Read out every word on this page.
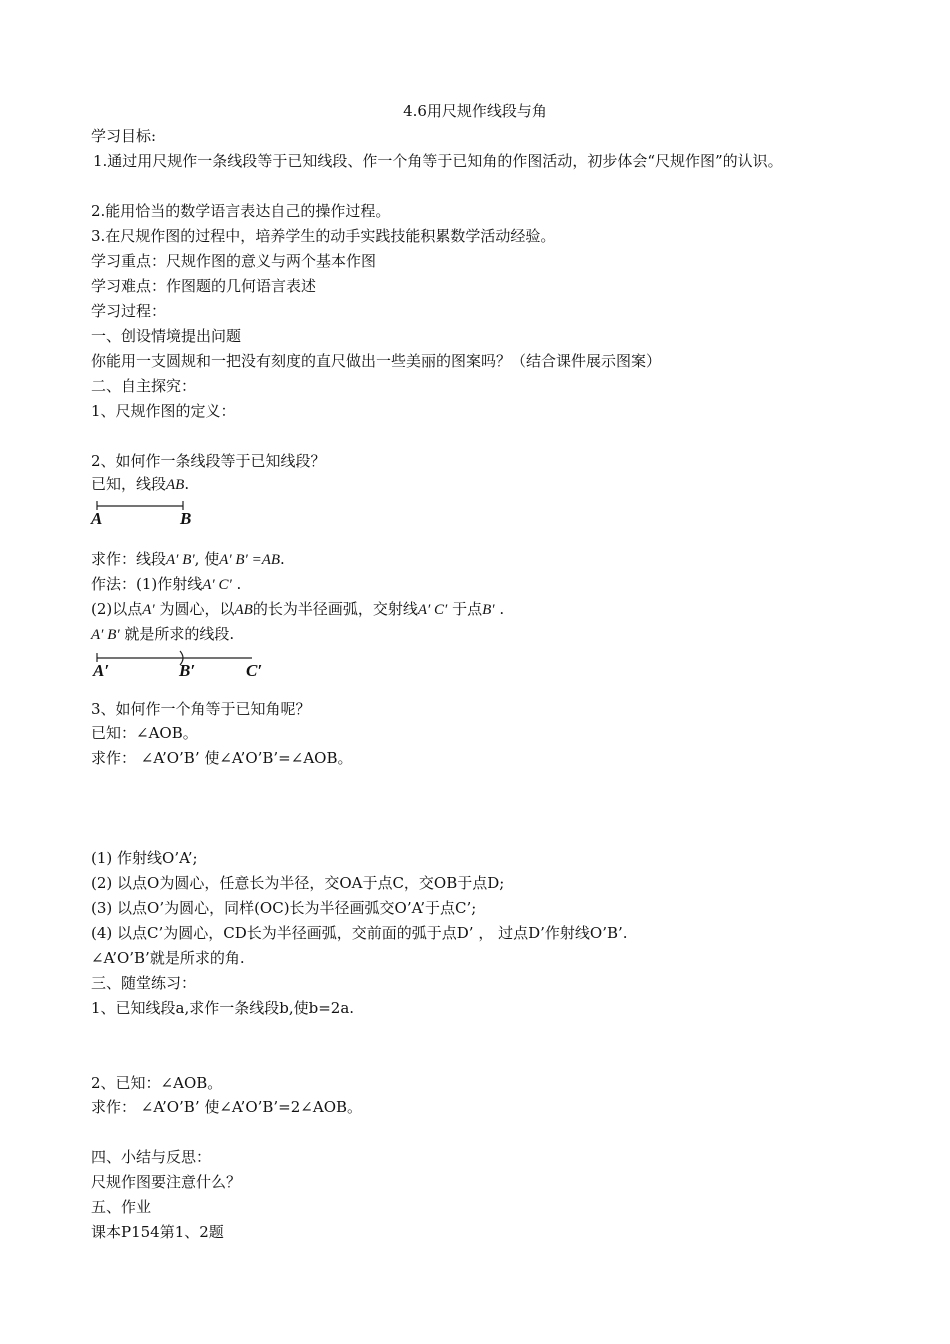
4.6用尺规作线段与角
学习目标:
1.通过用尺规作一条线段等于已知线段、作一个角等于已知角的作图活动，初步体会“尺规作图”的认识。
2.能用恰当的数学语言表达自己的操作过程。
3.在尺规作图的过程中，培养学生的动手实践技能积累数学活动经验。
学习重点：尺规作图的意义与两个基本作图
学习难点：作图题的几何语言表述
学习过程：
一、创设情境提出问题
你能用一支圆规和一把没有刻度的直尺做出一些美丽的图案吗？（结合课件展示图案）
二、自主探究：
1、尺规作图的定义：
2、如何作一条线段等于已知线段？
已知，线段AB.
A	B
求作：线段A′ B′, 使A′ B′ =AB.
作法：(1)作射线A′ C′ .
(2)以点A′ 为圆心，以AB的长为半径画弧，交射线A′ C′ 于点B′ .
A′ B′ 就是所求的线段.
A′	B′	C′
3、如何作一个角等于已知角呢？
已知：∠AOB。
求作： ∠A’O’B’ 使∠A’O’B’=∠AOB。
(1) 作射线O’A’;
(2) 以点O为圆心，任意长为半径，交OA于点C，交OB于点D;
(3) 以点O’为圆心，同样(OC)长为半径画弧交O’A’于点C’;
(4) 以点C’为圆心，CD长为半径画弧，交前面的弧于点D’ ， 过点D’作射线O’B’.
∠A’O’B’就是所求的角.
三、随堂练习：
1、已知线段a,求作一条线段b,使b=2a.
2、已知：∠AOB。
求作： ∠A’O’B’ 使∠A’O’B’=2∠AOB。
四、小结与反思：
尺规作图要注意什么？
五、作业
课本P154第1、2题
